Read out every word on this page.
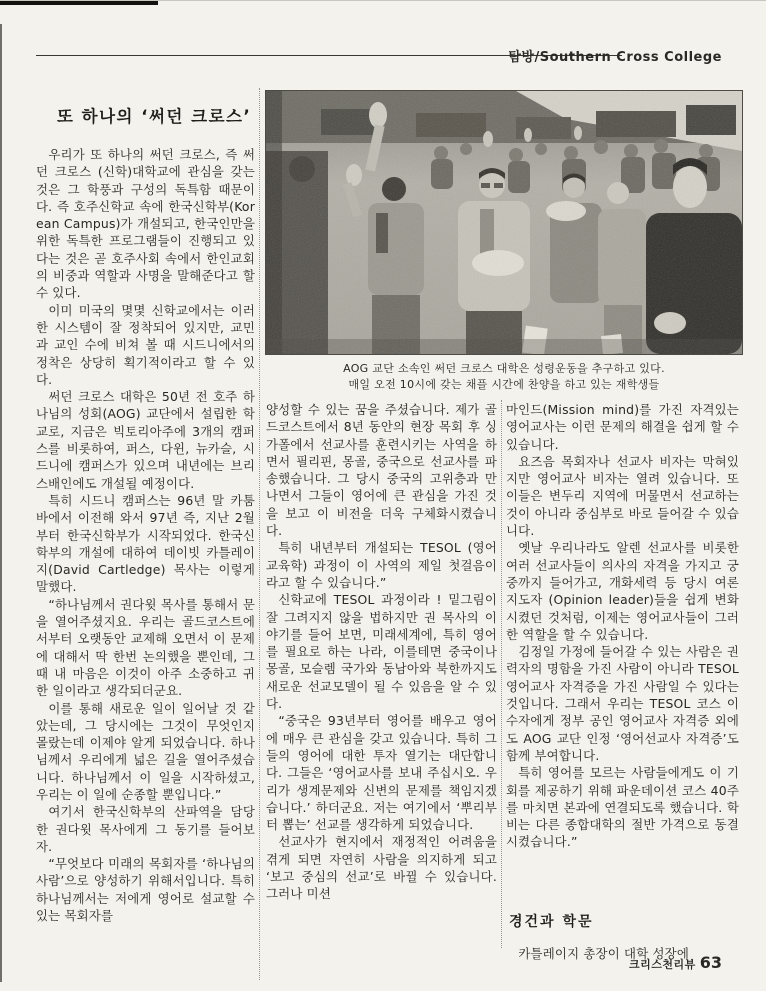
탐방/Southern Cross College
또 하나의 ‘써던 크로스’

우리가 또 하나의 써던 크로스, 즉 써던 크로스 (신학)대학교에 관심을 갖는 것은 그 학풍과 구성의 독특함 때문이다. 즉 호주신학교 속에 한국신학부(Korean Campus)가 개설되고, 한국인만을 위한 독특한 프로그램들이 진행되고 있다는 것은 곧 호주사회 속에서 한인교회의 비중과 역할과 사명을 말해준다고 할 수 있다.

이미 미국의 몇몇 신학교에서는 이러한 시스템이 잘 정착되어 있지만, 교민과 교인 수에 비쳐 볼 때 시드니에서의 정착은 상당히 획기적이라고 할 수 있다.

써던 크로스 대학은 50년 전 호주 하나님의 성회(AOG) 교단에서 설립한 학교로, 지금은 빅토리아주에 3개의 캠퍼스를 비롯하여, 퍼스, 다윈, 뉴카슬, 시드니에 캠퍼스가 있으며 내년에는 브리스배인에도 개설될 예정이다.

특히 시드니 캠퍼스는 96년 말 카툼바에서 이전해 와서 97년 즉, 지난 2월부터 한국신학부가 시작되었다. 한국신학부의 개설에 대하여 데이빗 카틀레이지(David Cartledge) 목사는 이렇게 말했다.

“하나님께서 권다윗 목사를 통해서 문을 열어주셨지요. 우리는 골드코스트에서부터 오랫동안 교제해 오면서 이 문제에 대해서 딱 한번 논의했을 뿐인데, 그때 내 마음은 이것이 아주 소중하고 귀한 일이라고 생각되더군요.

이를 통해 새로운 일이 일어날 것 같았는데, 그 당시에는 그것이 무엇인지 몰랐는데 이제야 알게 되었습니다. 하나님께서 우리에게 넓은 길을 열어주셨습니다. 하나님께서 이 일을 시작하셨고, 우리는 이 일에 순종할 뿐입니다.”

여기서 한국신학부의 산파역을 담당한 권다윗 목사에게 그 동기를 들어보자.

“무엇보다 미래의 목회자를 ‘하나님의 사람’으로 양성하기 위해서입니다. 특히 하나님께서는 저에게 영어로 설교할 수 있는 목회자를

AOG 교단 소속인 써던 크로스 대학은 성령운동을 추구하고 있다.
매일 오전 10시에 갖는 채플 시간에 찬양을 하고 있는 재학생들

양성할 수 있는 꿈을 주셨습니다. 제가 골드코스트에서 8년 동안의 현장 목회 후 싱가폴에서 선교사를 훈련시키는 사역을 하면서 필리핀, 몽골, 중국으로 선교사를 파송했습니다. 그 당시 중국의 고위층과 만나면서 그들이 영어에 큰 관심을 가진 것을 보고 이 비전을 더욱 구체화시켰습니다.

특히 내년부터 개설되는 TESOL (영어교육학) 과정이 이 사역의 제일 첫걸음이라고 할 수 있습니다.”

신학교에 TESOL 과정이라 ! 밑그림이 잘 그려지지 않을 법하지만 권 목사의 이야기를 들어 보면, 미래세계에, 특히 영어를 필요로 하는 나라, 이를테면 중국이나 몽골, 모슬렘 국가와 동남아와 북한까지도 새로운 선교모델이 될 수 있음을 알 수 있다.

“중국은 93년부터 영어를 배우고 영어에 매우 큰 관심을 갖고 있습니다. 특히 그들의 영어에 대한 투자 열기는 대단합니다. 그들은 ‘영어교사를 보내 주십시오. 우리가 생계문제와 신변의 문제를 책임지겠습니다.’ 하더군요. 저는 여기에서 ‘뿌리부터 뽑는’ 선교를 생각하게 되었습니다.

선교사가 현지에서 재정적인 어려움을 겪게 되면 자연히 사람을 의지하게 되고 ‘보고 중심의 선교’로 바뀔 수 있습니다. 그러나 미션

마인드(Mission mind)를 가진 자격있는 영어교사는 이런 문제의 해결을 쉽게 할 수 있습니다.

요즈음 목회자나 선교사 비자는 막혀있지만 영어교사 비자는 열려 있습니다. 또 이들은 변두리 지역에 머물면서 선교하는 것이 아니라 중심부로 바로 들어갈 수 있습니다.

옛날 우리나라도 알렌 선교사를 비롯한 여러 선교사들이 의사의 자격을 가지고 궁중까지 들어가고, 개화세력 등 당시 여론 지도자 (Opinion leader)들을 쉽게 변화시켰던 것처럼, 이제는 영어교사들이 그러한 역할을 할 수 있습니다.

김정일 가정에 들어갈 수 있는 사람은 권력자의 명함을 가진 사람이 아니라 TESOL 영어교사 자격증을 가진 사람일 수 있다는 것입니다. 그래서 우리는 TESOL 코스 이수자에게 정부 공인 영어교사 자격증 외에도 AOG 교단 인정 ‘영어선교사 자격증’도 함께 부여합니다.

특히 영어를 모르는 사람들에게도 이 기회를 제공하기 위해 파운데이션 코스 40주를 마치면 본과에 연결되도록 했습니다. 학비는 다른 종합대학의 절반 가격으로 동결시켰습니다.”

경건과 학문

카틀레이지 총장이 대학 성장에

크리스천리뷰 63
